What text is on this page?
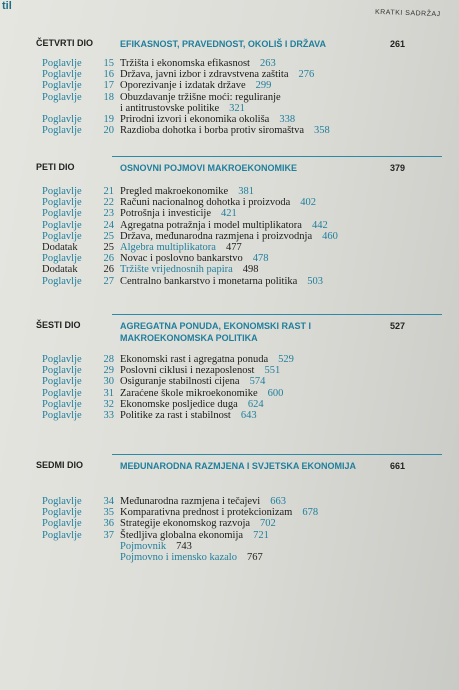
til
KRATKI SADRŽAJ
ČETVRTI DIO	EFIKASNOST, PRAVEDNOST, OKOLIŠ I DRŽAVA	261
Poglavlje	15 Tržišta i ekonomska efikasnost 263
Poglavlje	16 Država, javni izbor i zdravstvena zaštita 276
Poglavlje	17 Oporezivanje i izdatak države 299
Poglavlje	18 Obuzdavanje tržišne moći: reguliranje
i antitrustovske politike 321
Poglavlje	19 Prirodni izvori i ekonomika okoliša 338
Poglavlje	20 Razdioba dohotka i borba protiv siromaštva 358
PETI DIO	OSNOVNI POJMOVI MAKROEKONOMIKE	379
Poglavlje	21 Pregled makroekonomike 381
Poglavlje	22 Računi nacionalnog dohotka i proizvoda 402
Poglavlje	23 Potrošnja i investicije 421
Poglavlje	24 Agregatna potražnja i model multiplikatora 442
Poglavlje	25 Država, međunarodna razmjena i proizvodnja 460
Dodatak	25 Algebra multiplikatora 477
Poglavlje	26 Novac i poslovno bankarstvo 478
Dodatak	26 Tržište vrijednosnih papira 498
Poglavlje	27 Centralno bankarstvo i monetarna politika 503
ŠESTI DIO	AGREGATNA PONUDA, EKONOMSKI RAST I MAKROEKONOMSKA POLITIKA
527
Poglavlje	28 Ekonomski rast i agregatna ponuda 529
Poglavlje	29 Poslovni ciklusi i nezaposlenost 551
Poglavlje	30 Osiguranje stabilnosti cijena 574
Poglavlje	31 Zaraćene škole mikroekonomike 600
Poglavlje	32 Ekonomske posljedice duga 624
Poglavlje	33 Politike za rast i stabilnost 643
SEDMI DIO	MEĐUNARODNA RAZMJENA I SVJETSKA EKONOMIJA	661
Poglavlje	34 Međunarodna razmjena i tečajevi 663
Poglavlje	35 Komparativna prednost i protekcionizam 678
Poglavlje	36 Strategije ekonomskog razvoja 702
Poglavlje	37 Štedljiva globalna ekonomija 721
Pojmovnik 743
Pojmovno i imensko kazalo 767
